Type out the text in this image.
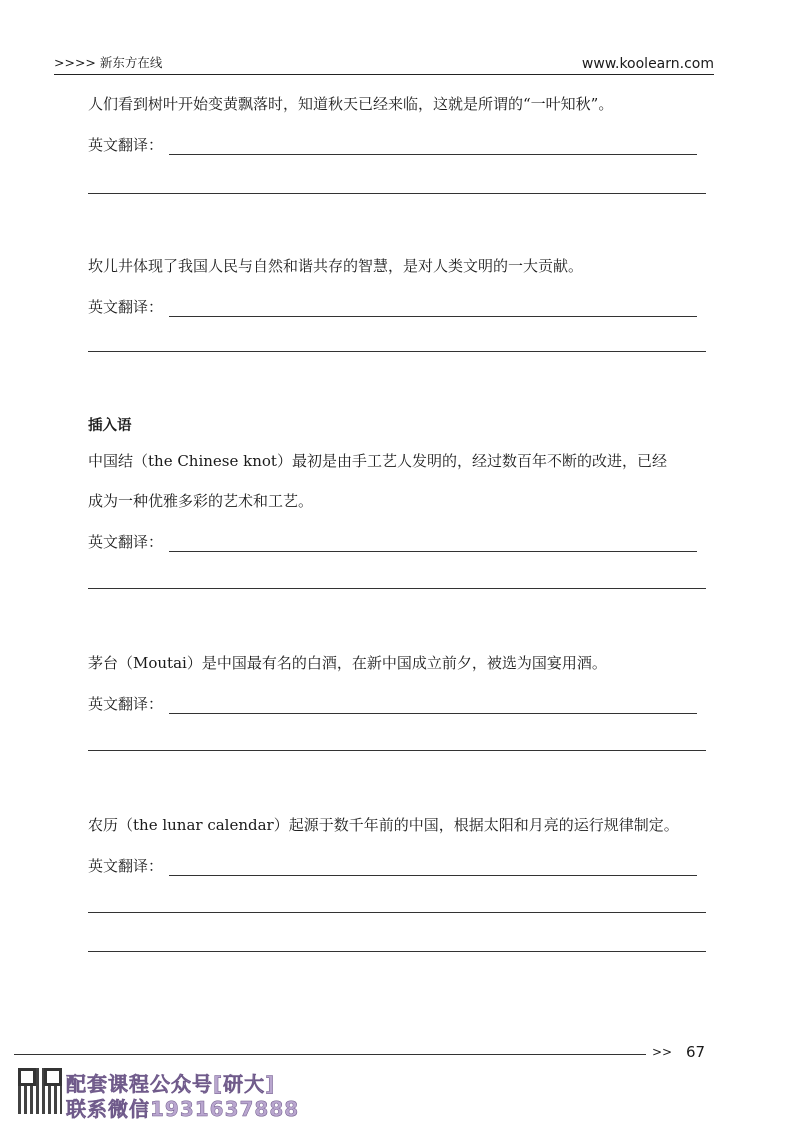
>>>> 新东方在线	www.koolearn.com

人们看到树叶开始变黄飘落时，知道秋天已经来临，这就是所谓的“一叶知秋”。

英文翻译：

坎儿井体现了我国人民与自然和谐共存的智慧，是对人类文明的一大贡献。

英文翻译：

插入语

中国结（the Chinese knot）最初是由手工艺人发明的，经过数百年不断的改进，已经

成为一种优雅多彩的艺术和工艺。

英文翻译：

茅台（Moutai）是中国最有名的白酒，在新中国成立前夕，被选为国宴用酒。

英文翻译：

农历（the lunar calendar）起源于数千年前的中国，根据太阳和月亮的运行规律制定。

英文翻译：
>> 67
配套课程公众号[研大]
联系微信1931637888
